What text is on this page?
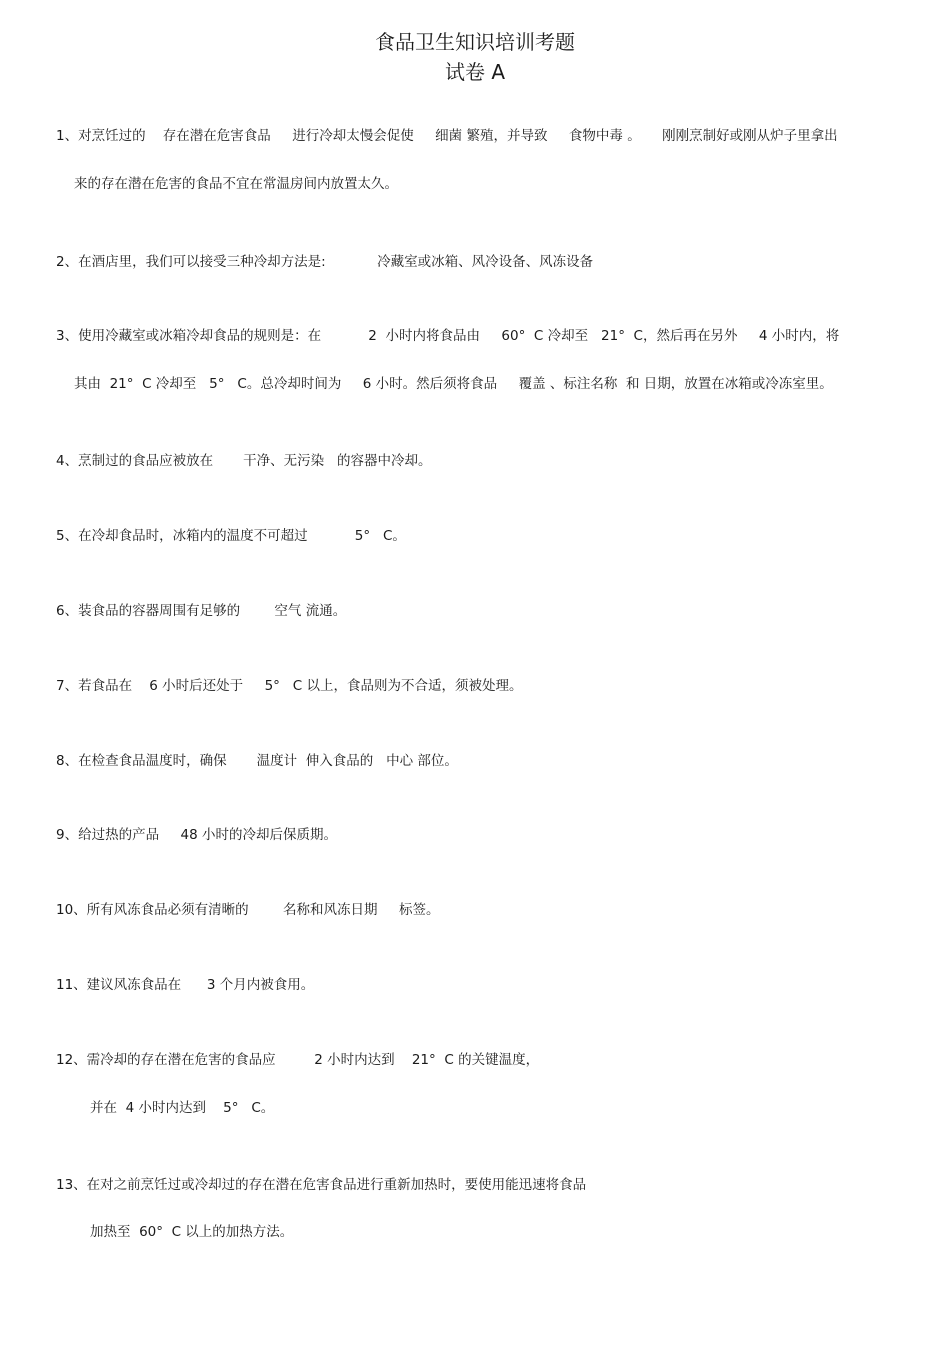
食品卫生知识培训考题
试卷 A
1、对烹饪过的    存在潜在危害食品     进行冷却太慢会促使     细菌 繁殖，并导致     食物中毒 。     刚刚烹制好或刚从炉子里拿出
来的存在潜在危害的食品不宜在常温房间内放置太久。
2、在酒店里，我们可以接受三种冷却方法是:            冷藏室或冰箱、风冷设备、风冻设备
3、使用冷藏室或冰箱冷却食品的规则是：在           2  小时内将食品由     60°  C 冷却至   21°  C，然后再在另外     4 小时内，将
其由  21°  C 冷却至   5°   C。总冷却时间为     6 小时。然后须将食品     覆盖 、标注名称  和 日期，放置在冰箱或冷冻室里。
4、烹制过的食品应被放在       干净、无污染   的容器中冷却。
5、在冷却食品时，冰箱内的温度不可超过           5°   C。
6、装食品的容器周围有足够的        空气 流通。
7、若食品在    6 小时后还处于     5°   C 以上，食品则为不合适，须被处理。
8、在检查食品温度时，确保       温度计  伸入食品的   中心 部位。
9、给过热的产品     48 小时的冷却后保质期。
10、所有风冻食品必须有清晰的        名称和风冻日期     标签。
11、建议风冻食品在      3 个月内被食用。
12、需冷却的存在潜在危害的食品应         2 小时内达到    21°  C 的关键温度，
并在  4 小时内达到    5°   C。
13、在对之前烹饪过或冷却过的存在潜在危害食品进行重新加热时，要使用能迅速将食品
加热至  60°  C 以上的加热方法。
